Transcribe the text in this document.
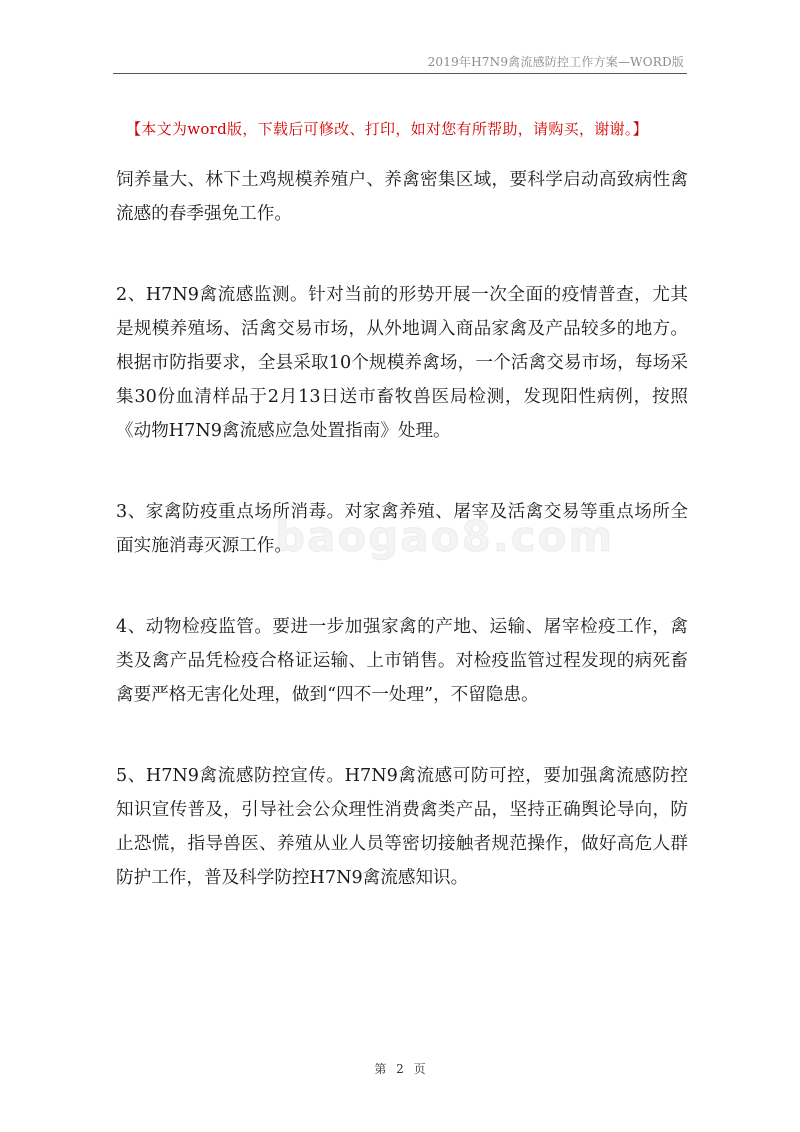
2019年H7N9禽流感防控工作方案—WORD版
【本文为word版，下载后可修改、打印，如对您有所帮助，请购买，谢谢。】
baogao8.com

饲养量大、林下土鸡规模养殖户、养禽密集区域，要科学启动高致病性禽流感的春季强免工作。

2、H7N9禽流感监测。针对当前的形势开展一次全面的疫情普查，尤其是规模养殖场、活禽交易市场，从外地调入商品家禽及产品较多的地方。根据市防指要求，全县采取10个规模养禽场，一个活禽交易市场，每场采集30份血清样品于2月13日送市畜牧兽医局检测，发现阳性病例，按照《动物H7N9禽流感应急处置指南》处理。

3、家禽防疫重点场所消毒。对家禽养殖、屠宰及活禽交易等重点场所全面实施消毒灭源工作。

4、动物检疫监管。要进一步加强家禽的产地、运输、屠宰检疫工作，禽类及禽产品凭检疫合格证运输、上市销售。对检疫监管过程发现的病死畜禽要严格无害化处理，做到“四不一处理”，不留隐患。

5、H7N9禽流感防控宣传。H7N9禽流感可防可控，要加强禽流感防控知识宣传普及，引导社会公众理性消费禽类产品，坚持正确舆论导向，防止恐慌，指导兽医、养殖从业人员等密切接触者规范操作，做好高危人群防护工作，普及科学防控H7N9禽流感知识。

第 2 页
